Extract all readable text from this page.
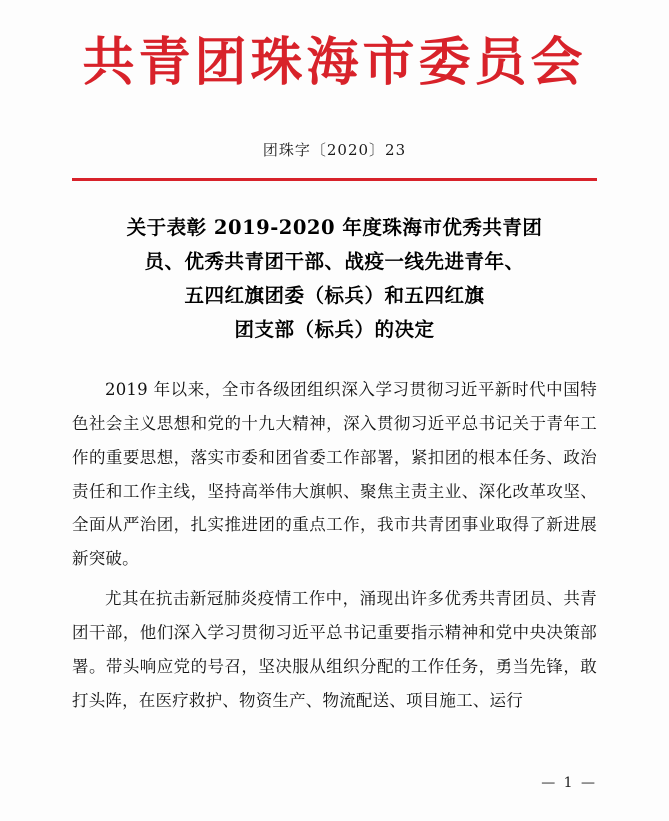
共青团珠海市委员会
团珠字〔2020〕23
关于表彰 2019-2020 年度珠海市优秀共青团
员、优秀共青团干部、战疫一线先进青年、
五四红旗团委（标兵）和五四红旗
团支部（标兵）的决定

2019 年以来，全市各级团组织深入学习贯彻习近平新时代中国特色社会主义思想和党的十九大精神，深入贯彻习近平总书记关于青年工作的重要思想，落实市委和团省委工作部署，紧扣团的根本任务、政治责任和工作主线，坚持高举伟大旗帜、聚焦主责主业、深化改革攻坚、全面从严治团，扎实推进团的重点工作，我市共青团事业取得了新进展新突破。

尤其在抗击新冠肺炎疫情工作中，涌现出许多优秀共青团员、共青团干部，他们深入学习贯彻习近平总书记重要指示精神和党中央决策部署。带头响应党的号召，坚决服从组织分配的工作任务，勇当先锋，敢打头阵，在医疗救护、物资生产、物流配送、项目施工、运行

— 1 —
